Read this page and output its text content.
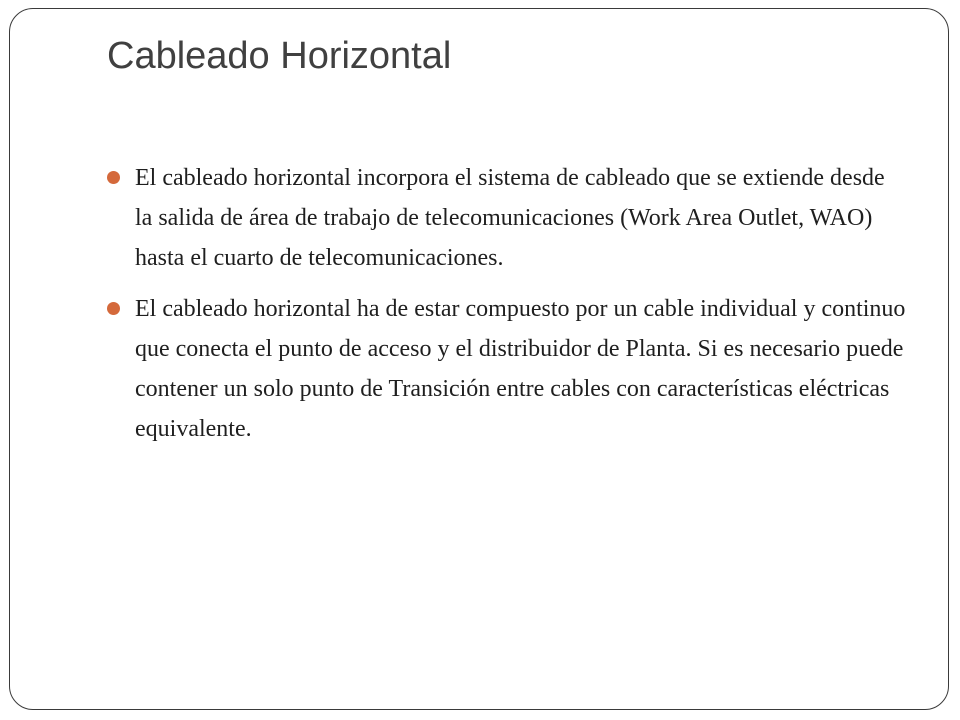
Cableado Horizontal
El cableado horizontal incorpora el sistema de cableado que se extiende desde la salida de área de trabajo de telecomunicaciones (Work Area Outlet, WAO) hasta el cuarto de telecomunicaciones.
El cableado horizontal ha de estar compuesto por un cable individual y continuo que conecta el punto de acceso y el distribuidor de Planta. Si es necesario puede contener un solo punto de Transición entre cables con características eléctricas equivalente.
